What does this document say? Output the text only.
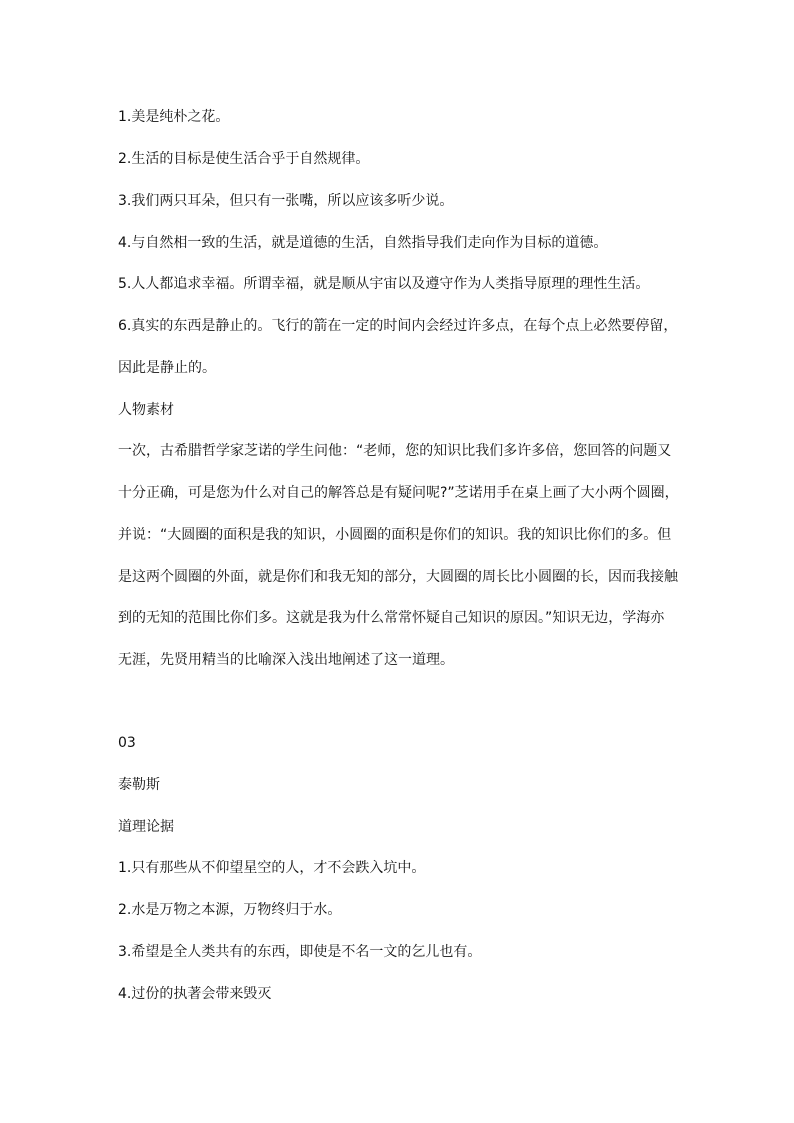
1.美是纯朴之花。
2.生活的目标是使生活合乎于自然规律。
3.我们两只耳朵，但只有一张嘴，所以应该多听少说。
4.与自然相一致的生活，就是道德的生活，自然指导我们走向作为目标的道德。
5.人人都追求幸福。所谓幸福，就是顺从宇宙以及遵守作为人类指导原理的理性生活。
6.真实的东西是静止的。飞行的箭在一定的时间内会经过许多点，在每个点上必然要停留，
因此是静止的。
人物素材
一次，古希腊哲学家芝诺的学生问他：“老师，您的知识比我们多许多倍，您回答的问题又
十分正确，可是您为什么对自己的解答总是有疑问呢?”芝诺用手在桌上画了大小两个圆圈，
并说：“大圆圈的面积是我的知识，小圆圈的面积是你们的知识。我的知识比你们的多。但
是这两个圆圈的外面，就是你们和我无知的部分，大圆圈的周长比小圆圈的长，因而我接触
到的无知的范围比你们多。这就是我为什么常常怀疑自己知识的原因。”知识无边，学海亦
无涯，先贤用精当的比喻深入浅出地阐述了这一道理。
03
泰勒斯
道理论据
1.只有那些从不仰望星空的人，才不会跌入坑中。
2.水是万物之本源，万物终归于水。
3.希望是全人类共有的东西，即使是不名一文的乞儿也有。
4.过份的执著会带来毁灭
